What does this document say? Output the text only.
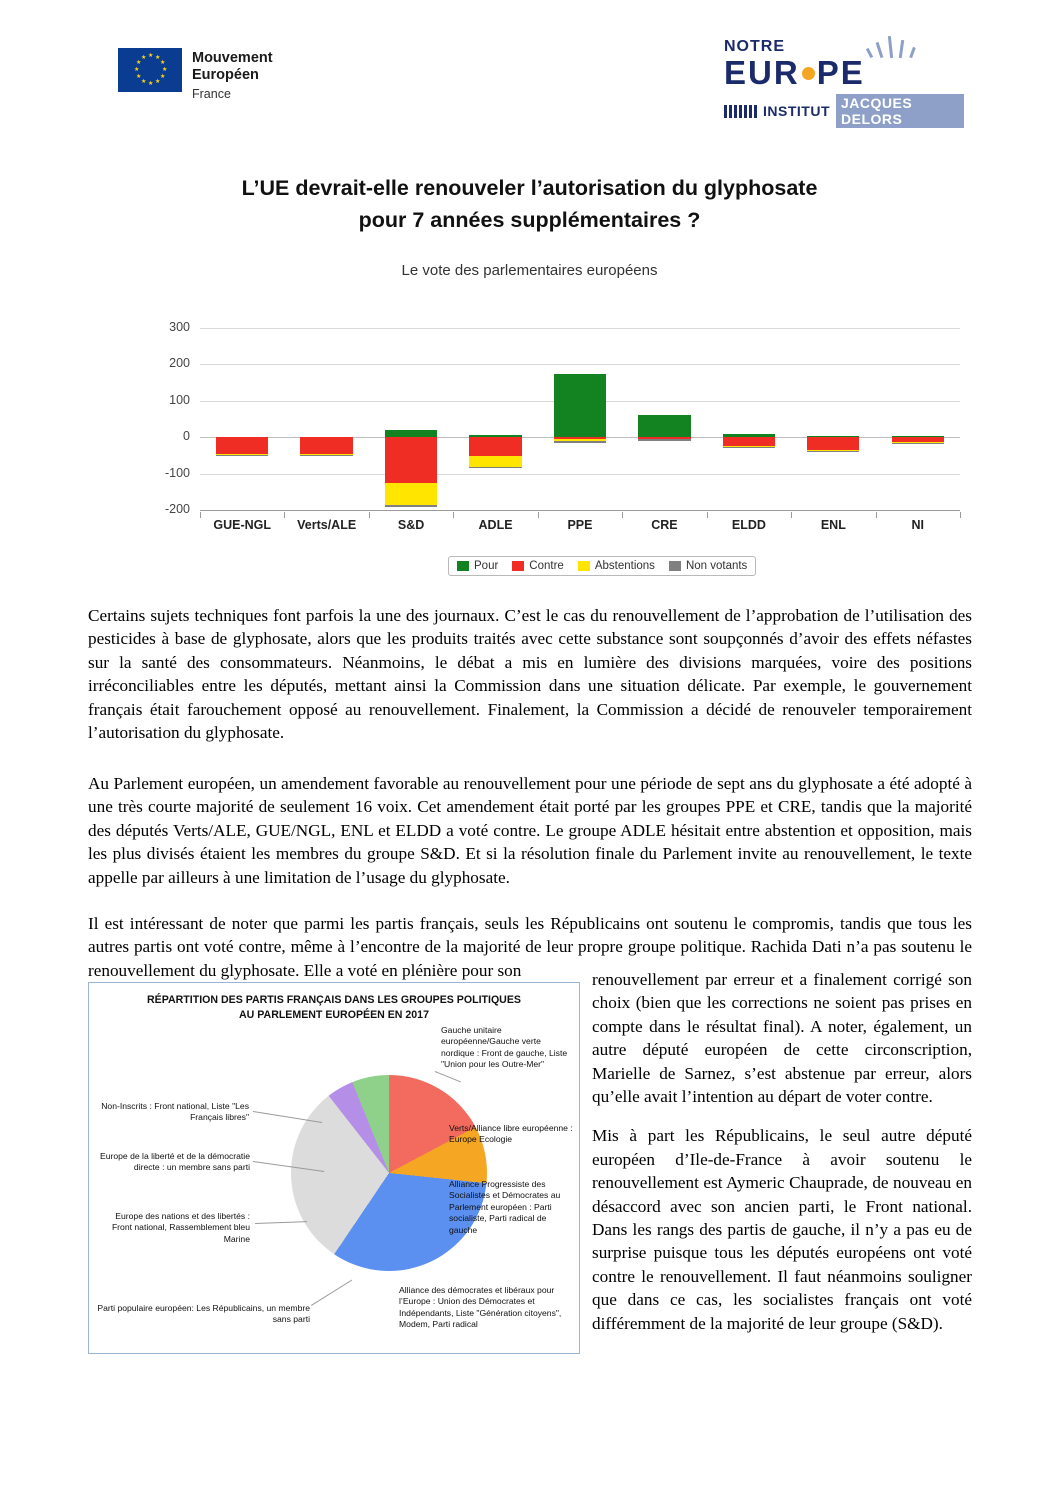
★
★ ★
★	★
★	★
★	★
★ ★
★
Mouvement
Européen
France
NOTRE
EUR PE
INSTITUT JACQUES DELORS
L’UE devrait-elle renouveler l’autorisation du glyphosate
pour 7 années supplémentaires ?
Le vote des parlementaires européens
300
200
100
0
-100
-200
GUE-NGL	Verts/ALE	S&D	ADLE	PPE	CRE	ELDD	ENL	NI
Pour	Contre	Abstentions	Non votants
Certains sujets techniques font parfois la une des journaux. C’est le cas du renouvellement de l’approbation de l’utilisation des pesticides à base de glyphosate, alors que les produits traités avec cette substance sont soupçonnés d’avoir des effets néfastes sur la santé des consommateurs. Néanmoins, le débat a mis en lumière des divisions marquées, voire des positions irréconciliables entre les députés, mettant ainsi la Commission dans une situation délicate. Par exemple, le gouvernement français était farouchement opposé au renouvellement. Finalement, la Commission a décidé de renouveler temporairement l’autorisation du glyphosate.
Au Parlement européen, un amendement favorable au renouvellement pour une période de sept ans du glyphosate a été adopté à une très courte majorité de seulement 16 voix. Cet amendement était porté par les groupes PPE et CRE, tandis que la majorité des députés Verts/ALE, GUE/NGL, ENL et ELDD a voté contre. Le groupe ADLE hésitait entre abstention et opposition, mais les plus divisés étaient les membres du groupe S&D. Et si la résolution finale du Parlement invite au renouvellement, le texte appelle par ailleurs à une limitation de l’usage du glyphosate.
Il est intéressant de noter que parmi les partis français, seuls les Républicains ont soutenu le compromis, tandis que tous les autres partis ont voté contre, même à l’encontre de la majorité de leur propre groupe politique. Rachida Dati n’a pas soutenu le renouvellement du glyphosate. Elle a voté en plénière pour son	renouvellement par erreur et a finalement corrigé son choix (bien que les corrections ne soient pas prises en compte dans le résultat final). A noter, également, un autre député européen de cette circonscription, Marielle de Sarnez, s’est abstenue par erreur, alors qu’elle avait l’intention au départ de voter contre.

Mis à part les Républicains, le seul autre député européen d’Ile-de-France à avoir soutenu le renouvellement est Aymeric Chauprade, de nouveau en désaccord avec son ancien parti, le Front national. Dans les rangs des partis de gauche, il n’y a pas eu de surprise puisque tous les députés européens ont voté contre le renouvellement. Il faut néanmoins souligner que dans ce cas, les socialistes français ont voté différemment de la majorité de leur groupe (S&D).

RÉPARTITION DES PARTIS FRANÇAIS DANS LES GROUPES POLITIQUES
AU PARLEMENT EUROPÉEN EN 2017
Non-Inscrits : Front national, Liste "Les Français libres"
Europe de la liberté et de la démocratie directe : un membre sans parti
Europe des nations et des libertés : Front national, Rassemblement bleu Marine
Parti populaire européen: Les Républicains, un membre sans parti
Alliance des démocrates et libéraux pour l’Europe : Union des Démocrates et Indépendants, Liste "Génération citoyens", Modem, Parti radical
Alliance Progressiste des Socialistes et Démocrates au Parlement européen : Parti socialiste, Parti radical de gauche
Verts/Alliance libre européenne : Europe Ecologie
Gauche unitaire européenne/Gauche verte nordique : Front de gauche, Liste "Union pour les Outre-Mer"
